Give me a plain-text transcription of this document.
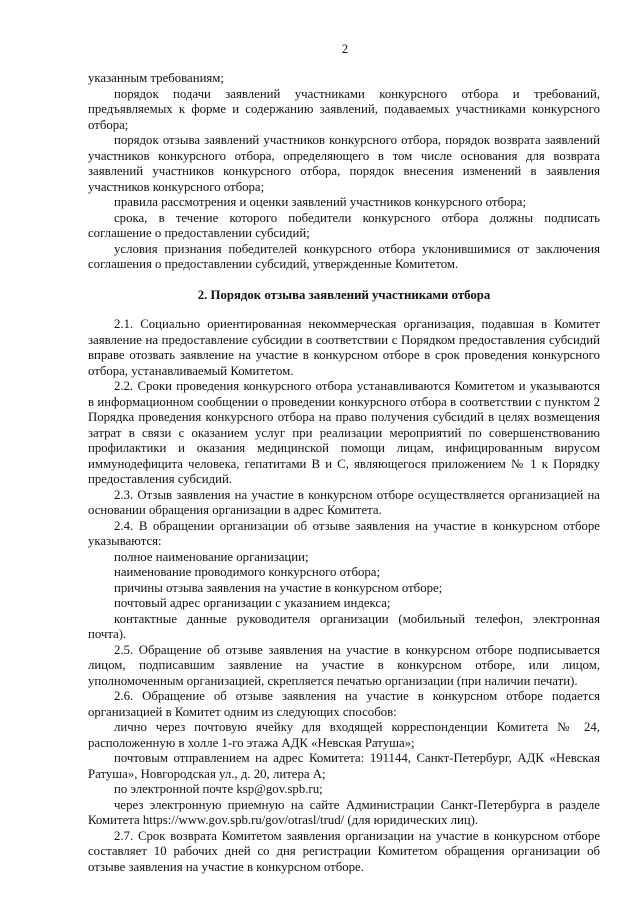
2

указанным требованиям;

порядок подачи заявлений участниками конкурсного отбора и требований, предъявляемых к форме и содержанию заявлений, подаваемых участниками конкурсного отбора;

порядок отзыва заявлений участников конкурсного отбора, порядок возврата заявлений участников конкурсного отбора, определяющего в том числе основания для возврата заявлений участников конкурсного отбора, порядок внесения изменений в заявления участников конкурсного отбора;

правила рассмотрения и оценки заявлений участников конкурсного отбора;

срока, в течение которого победители конкурсного отбора должны подписать соглашение о предоставлении субсидий;

условия признания победителей конкурсного отбора уклонившимися от заключения соглашения о предоставлении субсидий, утвержденные Комитетом.

2. Порядок отзыва заявлений участниками отбора

2.1. Социально ориентированная некоммерческая организация, подавшая в Комитет заявление на предоставление субсидии в соответствии с Порядком предоставления субсидий вправе отозвать заявление на участие в конкурсном отборе в срок проведения конкурсного отбора, устанавливаемый Комитетом.

2.2. Сроки проведения конкурсного отбора устанавливаются Комитетом и указываются в информационном сообщении о проведении конкурсного отбора в соответствии с пунктом 2 Порядка проведения конкурсного отбора на право получения субсидий в целях возмещения затрат в связи с оказанием услуг при реализации мероприятий по совершенствованию профилактики и оказания медицинской помощи лицам, инфицированным вирусом иммунодефицита человека, гепатитами В и С, являющегося приложением № 1 к Порядку предоставления субсидий.

2.3. Отзыв заявления на участие в конкурсном отборе осуществляется организацией на основании обращения организации в адрес Комитета.

2.4. В обращении организации об отзыве заявления на участие в конкурсном отборе указываются:

полное наименование организации;

наименование проводимого конкурсного отбора;

причины отзыва заявления на участие в конкурсном отборе;

почтовый адрес организации с указанием индекса;

контактные данные руководителя организации (мобильный телефон, электронная почта).

2.5. Обращение об отзыве заявления на участие в конкурсном отборе подписывается лицом, подписавшим заявление на участие в конкурсном отборе, или лицом, уполномоченным организацией, скрепляется печатью организации (при наличии печати).

2.6. Обращение об отзыве заявления на участие в конкурсном отборе подается организацией в Комитет одним из следующих способов:

лично через почтовую ячейку для входящей корреспонденции Комитета № 24, расположенную в холле 1-го этажа АДК «Невская Ратуша»;

почтовым отправлением на адрес Комитета: 191144, Санкт-Петербург, АДК «Невская Ратуша», Новгородская ул., д. 20, литера А;

по электронной почте ksp@gov.spb.ru;

через электронную приемную на сайте Администрации Санкт-Петербурга в разделе Комитета https://www.gov.spb.ru/gov/otrasl/trud/ (для юридических лиц).

2.7. Срок возврата Комитетом заявления организации на участие в конкурсном отборе составляет 10 рабочих дней со дня регистрации Комитетом обращения организации об отзыве заявления на участие в конкурсном отборе.
